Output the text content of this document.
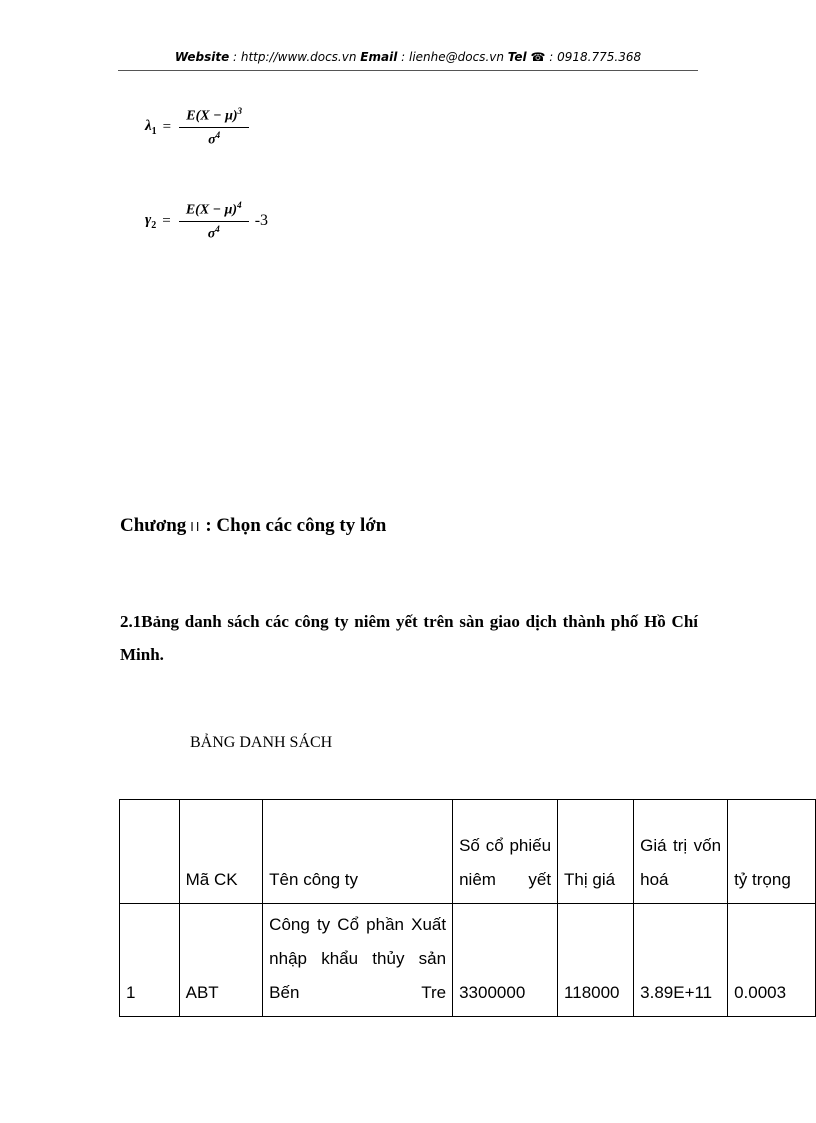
Website : http://www.docs.vn Email : lienhe@docs.vn Tel ☎ : 0918.775.368
$\lambda_1 = \frac{E(X - \mu)^3}{\sigma^4}$
$\gamma_2 = \frac{E(X - \mu)^4}{\sigma^4} -3$
Chương II : Chọn các công ty lớn
2.1Bảng danh sách các công ty niêm yết trên sàn giao dịch thành phố Hồ Chí Minh.
BẢNG DANH SÁCH
	Mã CK	Tên công ty	Số cổ phiếu niêm yết	Thị giá	Giá trị vốn hoá	tỷ trọng
1	ABT	Công ty Cổ phần Xuất nhập khẩu thủy sản Bến Tre	3300000	118000	3.89E+11	0.0003
